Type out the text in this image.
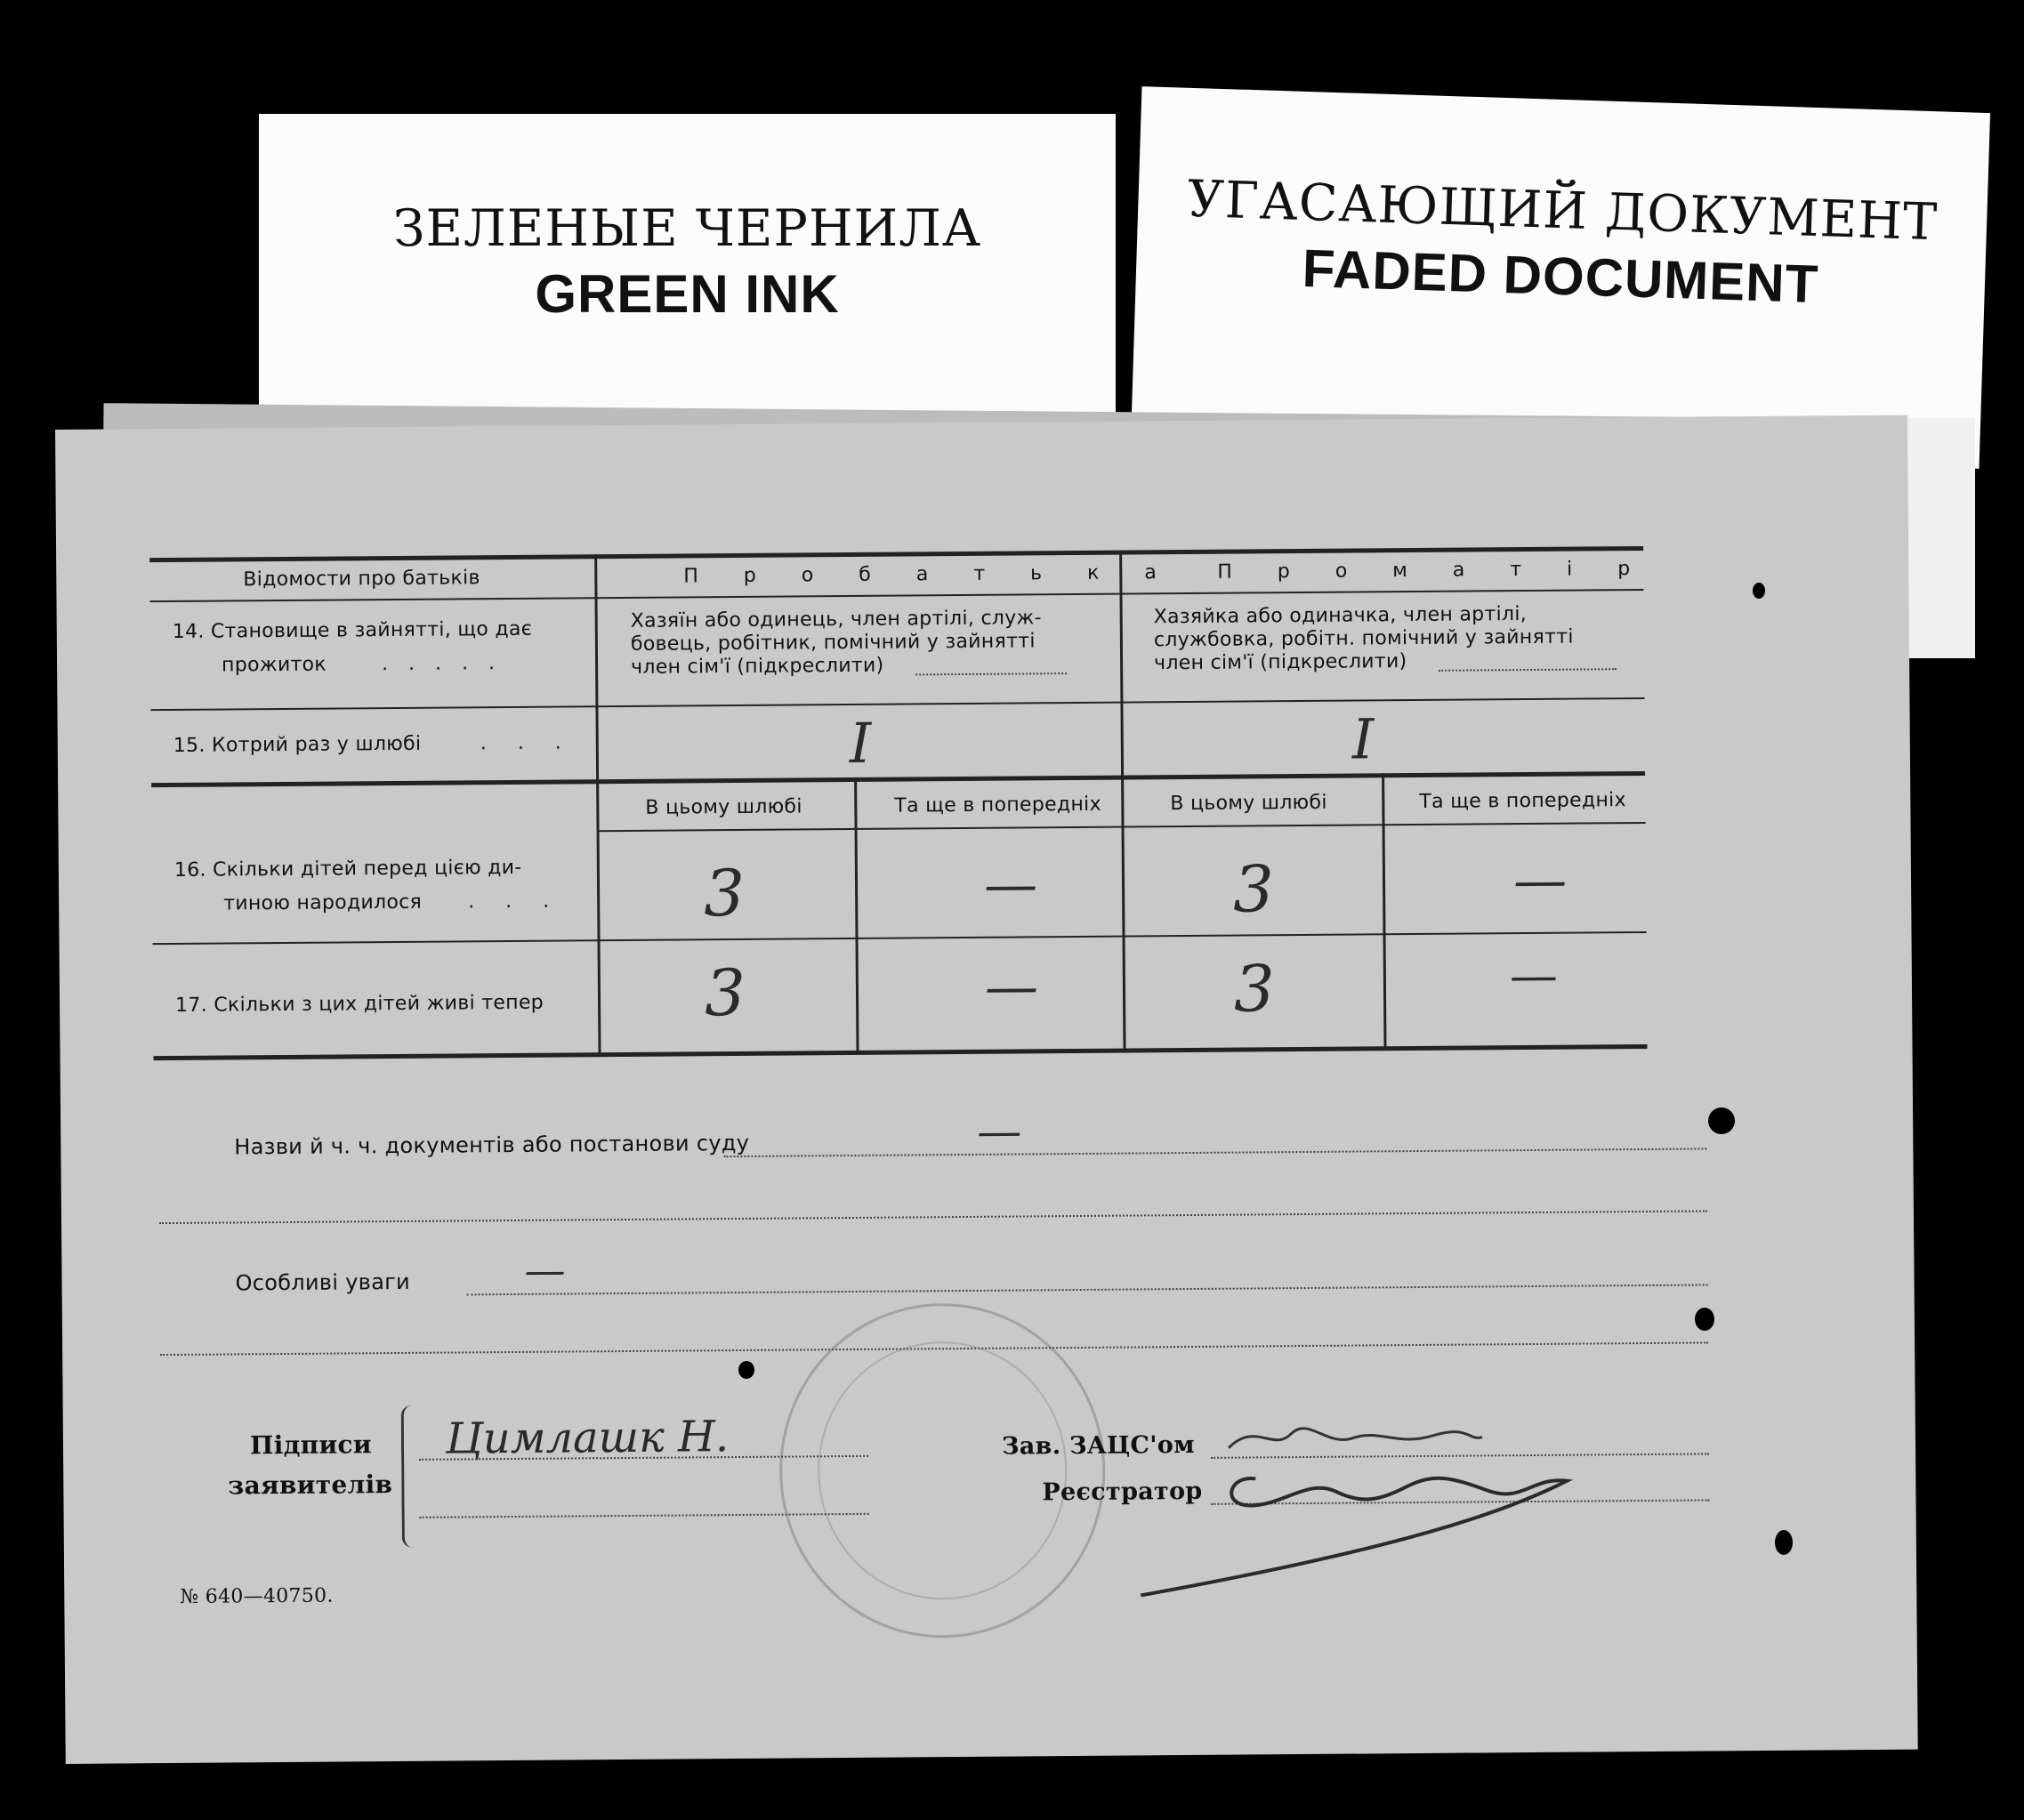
ЗЕЛЕНЫЕ ЧЕРНИЛА
GREEN INK
УГАСАЮЩИЙ ДОКУМЕНТ
FADED DOCUMENT
Відомости про батьків	П р о б а т ь к а П р о м а т і р
14. Становище в зайнятті, що дає
прожиток	. . . . .
Хазяїн або одинець, член артілі, служ-
бовець, робітник, помічний у зайнятті
член сім'ї (підкреслити)
Хазяйка або одиначка, член артілі,
службовка, робітн. помічний у зайнятті
член сім'ї (підкреслити)
15. Котрий раз у шлюбі	. . .	I	I
В цьому шлюбі	Та ще в попередніх	В цьому шлюбі	Та ще в попередніх
16. Скільки дітей перед цією ди-
тиною народилося . . . 3	—	3	—
17. Скільки з цих дітей живі тепер	3	—	3	—
Назви й ч. ч. документів або постанови суду	—
Особливі уваги	—
Підписи
заявителів
Цимлашк Н.	Зав. ЗАЦС'ом
Реєстратор
№ 640—40750.
